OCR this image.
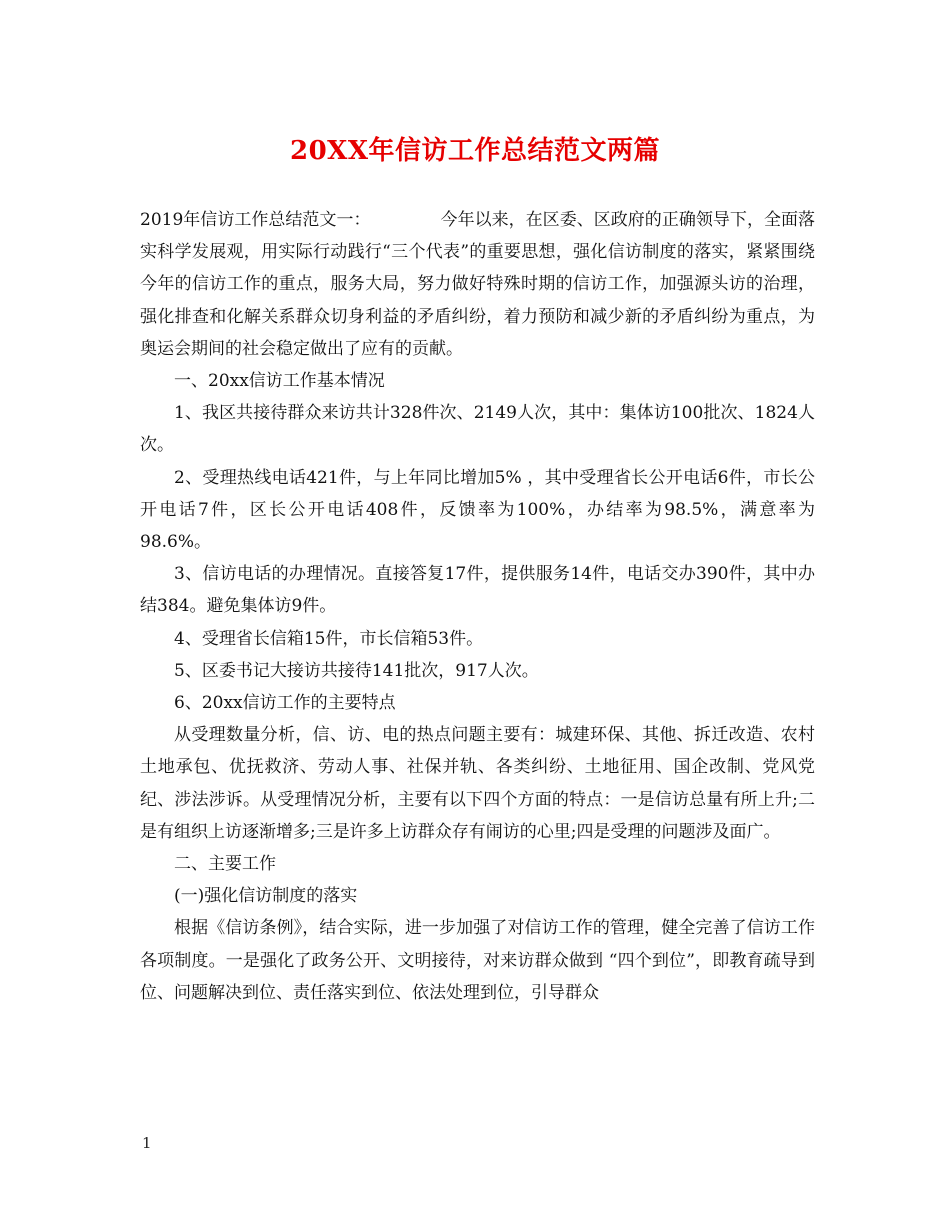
20XX年信访工作总结范文两篇

2019年信访工作总结范文一：	今年以来，在区委、区政府的正确领导下，全面落实科学发展观，用实际行动践行“三个代表”的重要思想，强化信访制度的落实，紧紧围绕今年的信访工作的重点，服务大局，努力做好特殊时期的信访工作，加强源头访的治理，强化排查和化解关系群众切身利益的矛盾纠纷，着力预防和减少新的矛盾纠纷为重点，为奥运会期间的社会稳定做出了应有的贡献。

一、20xx信访工作基本情况

1、我区共接待群众来访共计328件次、2149人次，其中：集体访100批次、1824人次。

2、受理热线电话421件，与上年同比增加5% ，其中受理省长公开电话6件，市长公开电话7件，区长公开电话408件，反馈率为100%，办结率为98.5%，满意率为98.6%。

3、信访电话的办理情况。直接答复17件，提供服务14件，电话交办390件，其中办结384。避免集体访9件。

4、受理省长信箱15件，市长信箱53件。

5、区委书记大接访共接待141批次，917人次。

6、20xx信访工作的主要特点

从受理数量分析，信、访、电的热点问题主要有：城建环保、其他、拆迁改造、农村土地承包、优抚救济、劳动人事、社保并轨、各类纠纷、土地征用、国企改制、党风党纪、涉法涉诉。从受理情况分析，主要有以下四个方面的特点：一是信访总量有所上升;二是有组织上访逐渐增多;三是许多上访群众存有闹访的心里;四是受理的问题涉及面广。

二、主要工作

(一)强化信访制度的落实

根据《信访条例》，结合实际，进一步加强了对信访工作的管理，健全完善了信访工作各项制度。一是强化了政务公开、文明接待，对来访群众做到 “四个到位”，即教育疏导到位、问题解决到位、责任落实到位、依法处理到位，引导群众

1
